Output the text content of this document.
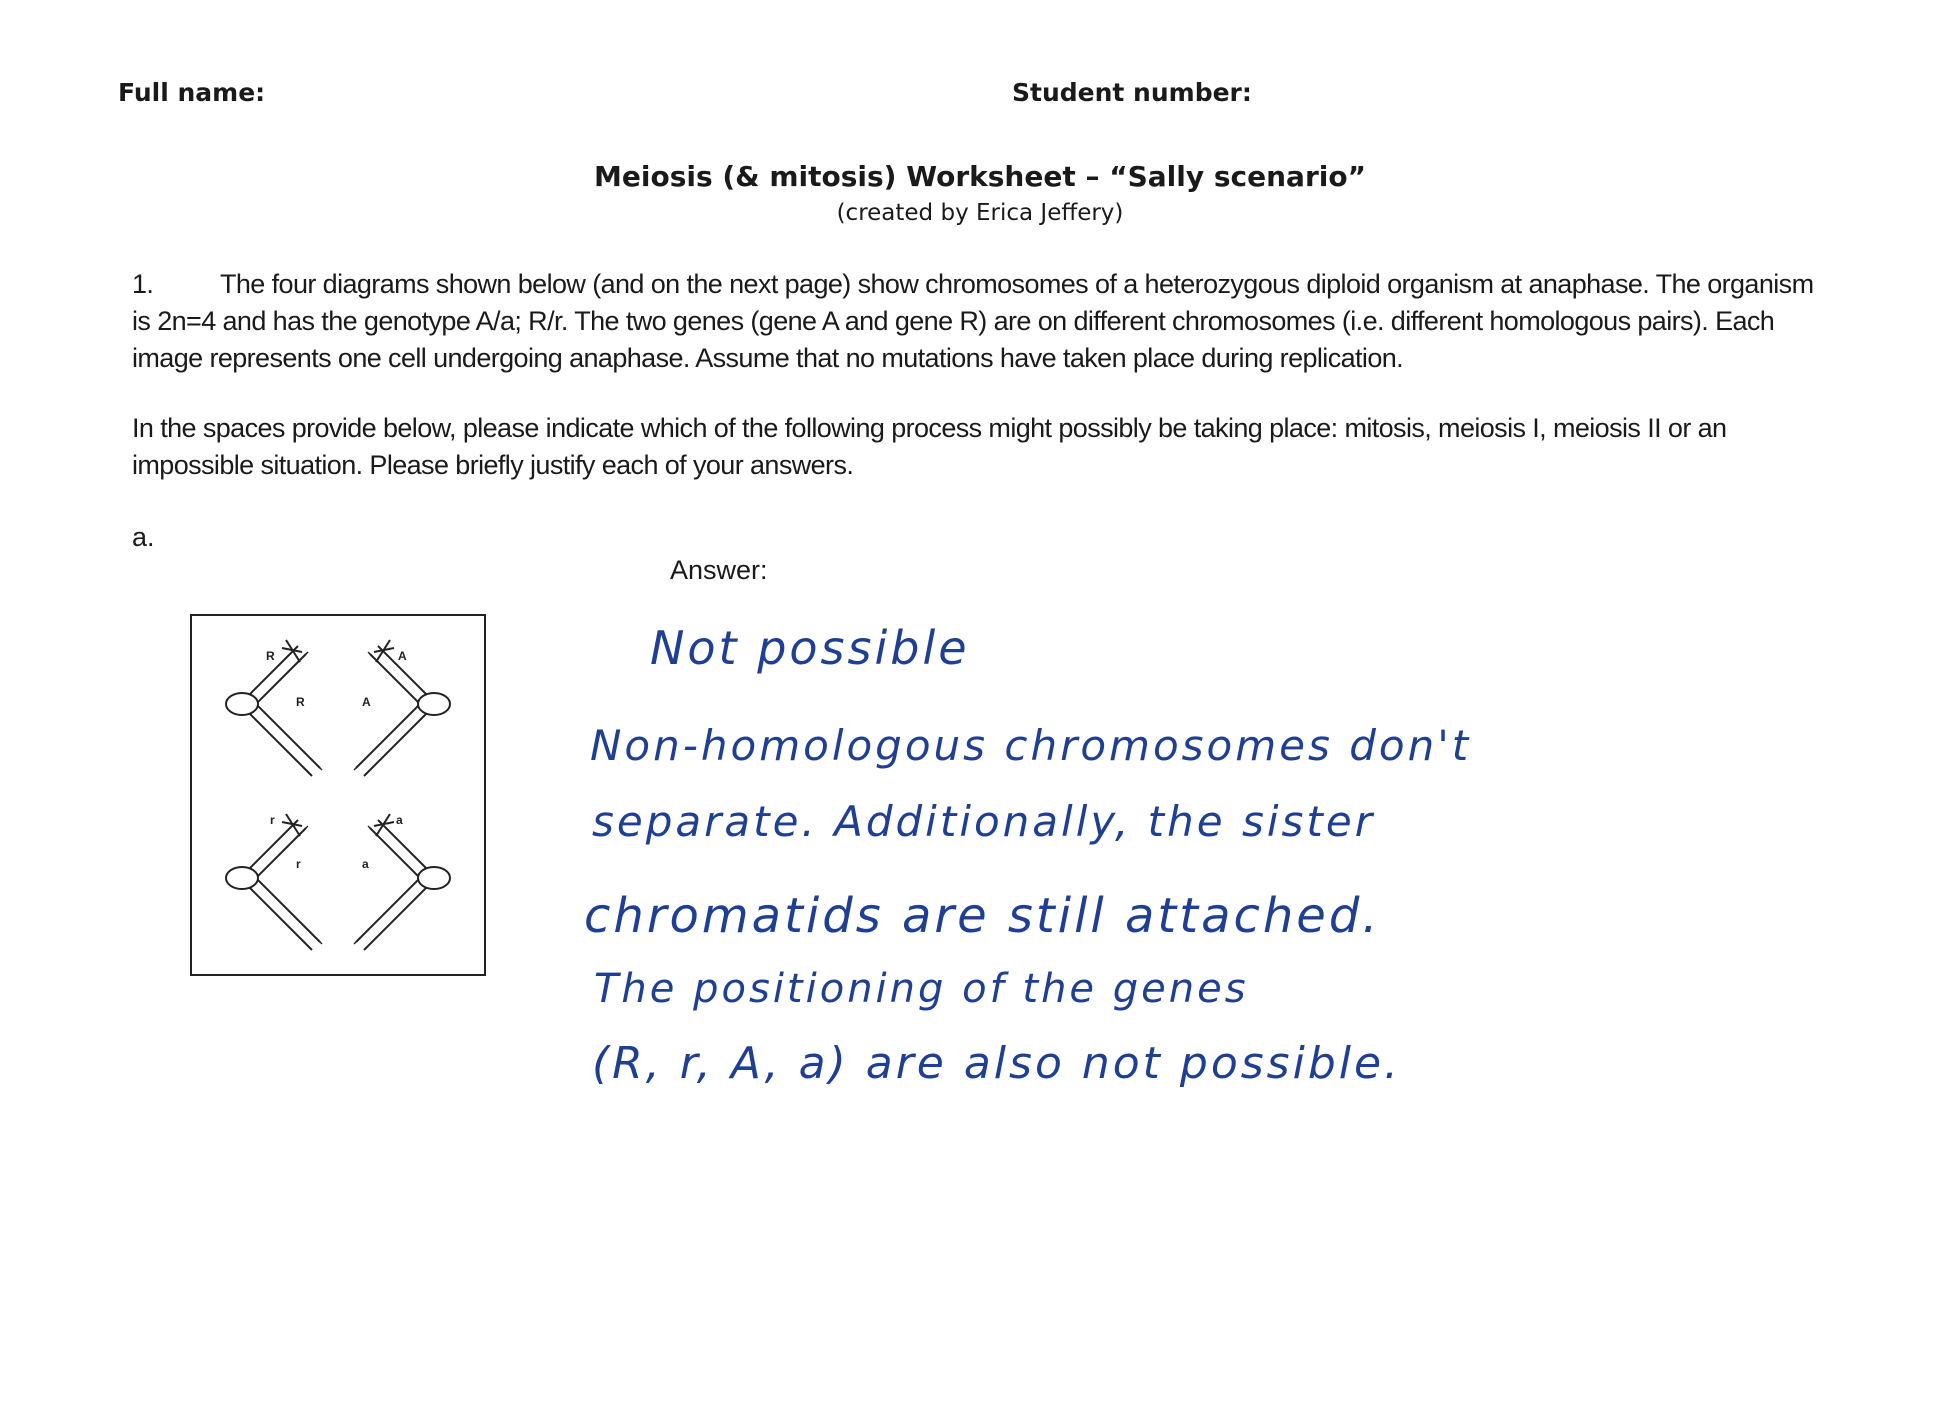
Full name:	Student number:
Meiosis (& mitosis) Worksheet – “Sally scenario”
(created by Erica Jeffery)
1. The four diagrams shown below (and on the next page) show chromosomes of a heterozygous diploid organism at anaphase. The organism is 2n=4 and has the genotype A/a; R/r. The two genes (gene A and gene R) are on different chromosomes (i.e. different homologous pairs). Each image represents one cell undergoing anaphase. Assume that no mutations have taken place during replication.
In the spaces provide below, please indicate which of the following process might possibly be taking place: mitosis, meiosis I, meiosis II or an impossible situation. Please briefly justify each of your answers.
a.
Answer:
R
R
A
A
r
r
a
a
Not possible
Non-homologous chromosomes don't
separate. Additionally, the sister
chromatids are still attached.
The positioning of the genes
(R, r, A, a) are also not possible.
